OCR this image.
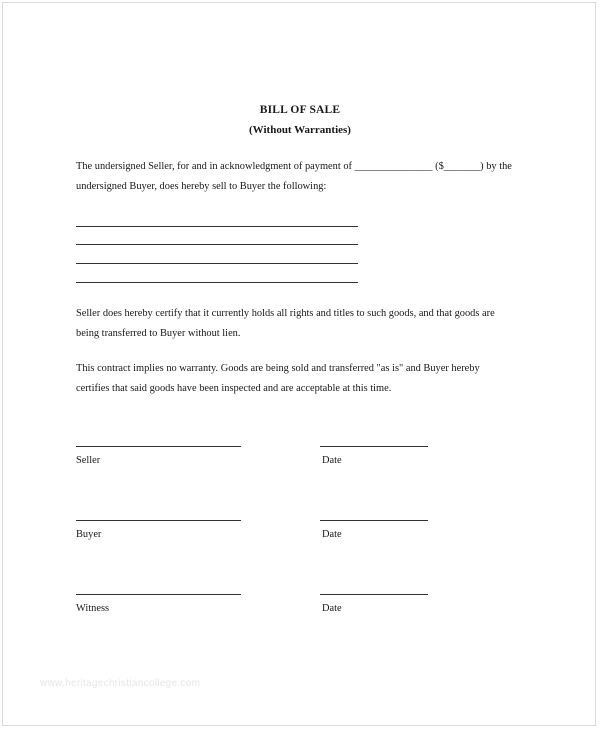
BILL OF SALE
(Without Warranties)
The undersigned Seller, for and in acknowledgment of payment of _______________ ($_______) by the
undersigned Buyer, does hereby sell to Buyer the following:
Seller does hereby certify that it currently holds all rights and titles to such goods, and that goods are
being transferred to Buyer without lien.
This contract implies no warranty. Goods are being sold and transferred "as is" and Buyer hereby
certifies that said goods have been inspected and are acceptable at this time.
Seller	Date
Buyer	Date
Witness	Date
www.heritagechristiancollege.com
